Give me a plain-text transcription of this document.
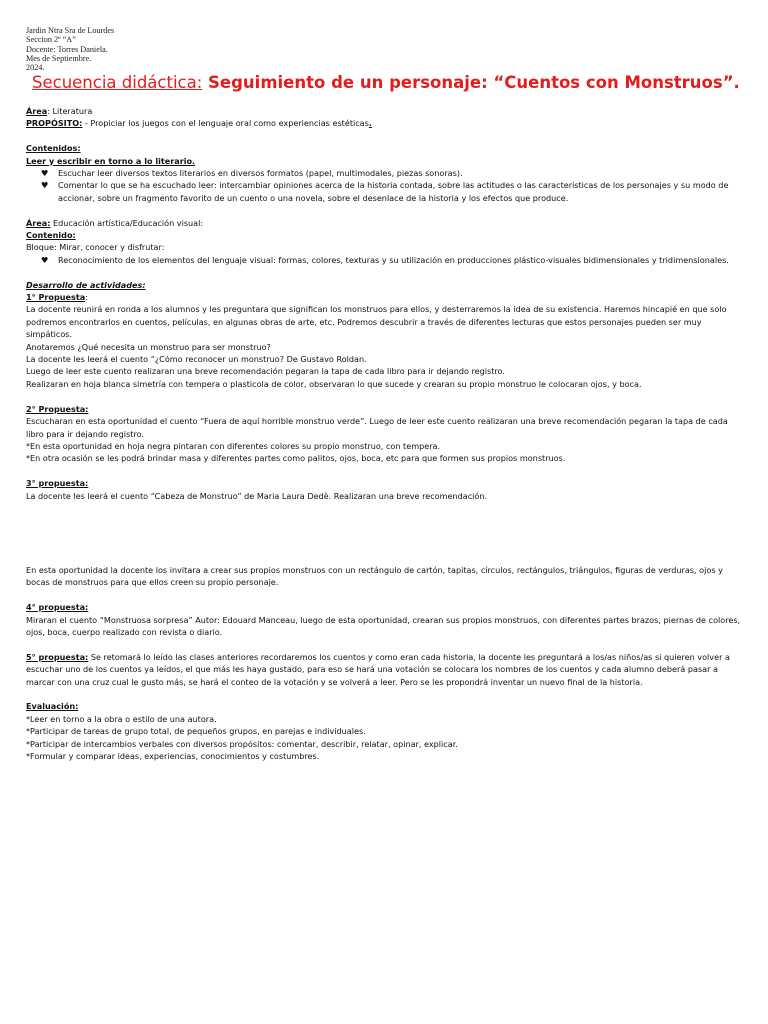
Jardin Ntra Sra de Lourdes
Seccion 2º “A”
Docente: Torres Daniela.
Mes de Septiembre.
2024.
Secuencia didáctica: Seguimiento de un personaje: “Cuentos con Monstruos”.

Área: Literatura

PROPÓSITO: - Propiciar los juegos con el lenguaje oral como experiencias estéticas.

Contenidos:

Leer y escribir en torno a lo literario.

♥ Escuchar leer diversos textos literarios en diversos formatos (papel, multimodales, piezas sonoras).
♥ Comentar lo que se ha escuchado leer: intercambiar opiniones acerca de la historia contada, sobre las actitudes o las características de los personajes y su modo de accionar, sobre un fragmento favorito de un cuento o una novela, sobre el desenlace de la historia y los efectos que produce.

Área: Educación artística/Educación visual:

Contenido:

Bloque: Mirar, conocer y disfrutar:

♥ Reconocimiento de los elementos del lenguaje visual: formas, colores, texturas y su utilización en producciones plástico-visuales bidimensionales y tridimensionales.

Desarrollo de actividades:

1° Propuesta:

La docente reunirá en ronda a los alumnos y les preguntara que significan los monstruos para ellos, y desterraremos la idea de su existencia. Haremos hincapié en que solo podremos encontrarlos en cuentos, películas, en algunas obras de arte, etc. Podremos descubrir a través de diferentes lecturas que estos personajes pueden ser muy simpáticos.

Anotaremos ¿Qué necesita un monstruo para ser monstruo?

La docente les leerá el cuento “¿Cómo reconocer un monstruo? De Gustavo Roldan.

Luego de leer este cuento realizaran una breve recomendación pegaran la tapa de cada libro para ir dejando registro.

Realizaran en hoja blanca simetría con tempera o plasticola de color, observaran lo que sucede y crearan su propio monstruo le colocaran ojos, y boca.

2° Propuesta:

Escucharan en esta oportunidad el cuento “Fuera de aquí horrible monstruo verde”. Luego de leer este cuento realizaran una breve recomendación pegaran la tapa de cada libro para ir dejando registro.

*En esta oportunidad en hoja negra pintaran con diferentes colores su propio monstruo, con tempera.

*En otra ocasión se les podrá brindar masa y diferentes partes como palitos, ojos, boca, etc para que formen sus propios monstruos.

3° propuesta:

La docente les leerá el cuento “Cabeza de Monstruo” de Maria Laura Dedè. Realizaran una breve recomendación.

En esta oportunidad la docente los invitara a crear sus propios monstruos con un rectángulo de cartón, tapitas, círculos, rectángulos, triángulos, figuras de verduras, ojos y bocas de monstruos para que ellos creen su propio personaje.

4° propuesta:

Miraran el cuento “Monstruosa sorpresa” Autor: Edouard Manceau, luego de esta oportunidad, crearan sus propios monstruos, con diferentes partes brazos, piernas de colores, ojos, boca, cuerpo realizado con revista o diario.

5° propuesta: Se retomará lo leído las clases anteriores recordaremos los cuentos y como eran cada historia, la docente les preguntará a los/as niños/as si quieren volver a escuchar uno de los cuentos ya leídos, el que más les haya gustado, para eso se hará una votación se colocara los nombres de los cuentos y cada alumno deberá pasar a marcar con una cruz cual le gusto más, se hará el conteo de la votación y se volverá a leer. Pero se les propondrá inventar un nuevo final de la historia.

Evaluación:

*Leer en torno a la obra o estilo de una autora.

*Participar de tareas de grupo total, de pequeños grupos, en parejas e individuales.

*Participar de intercambios verbales con diversos propósitos: comentar, describir, relatar, opinar, explicar.

*Formular y comparar ideas, experiencias, conocimientos y costumbres.
